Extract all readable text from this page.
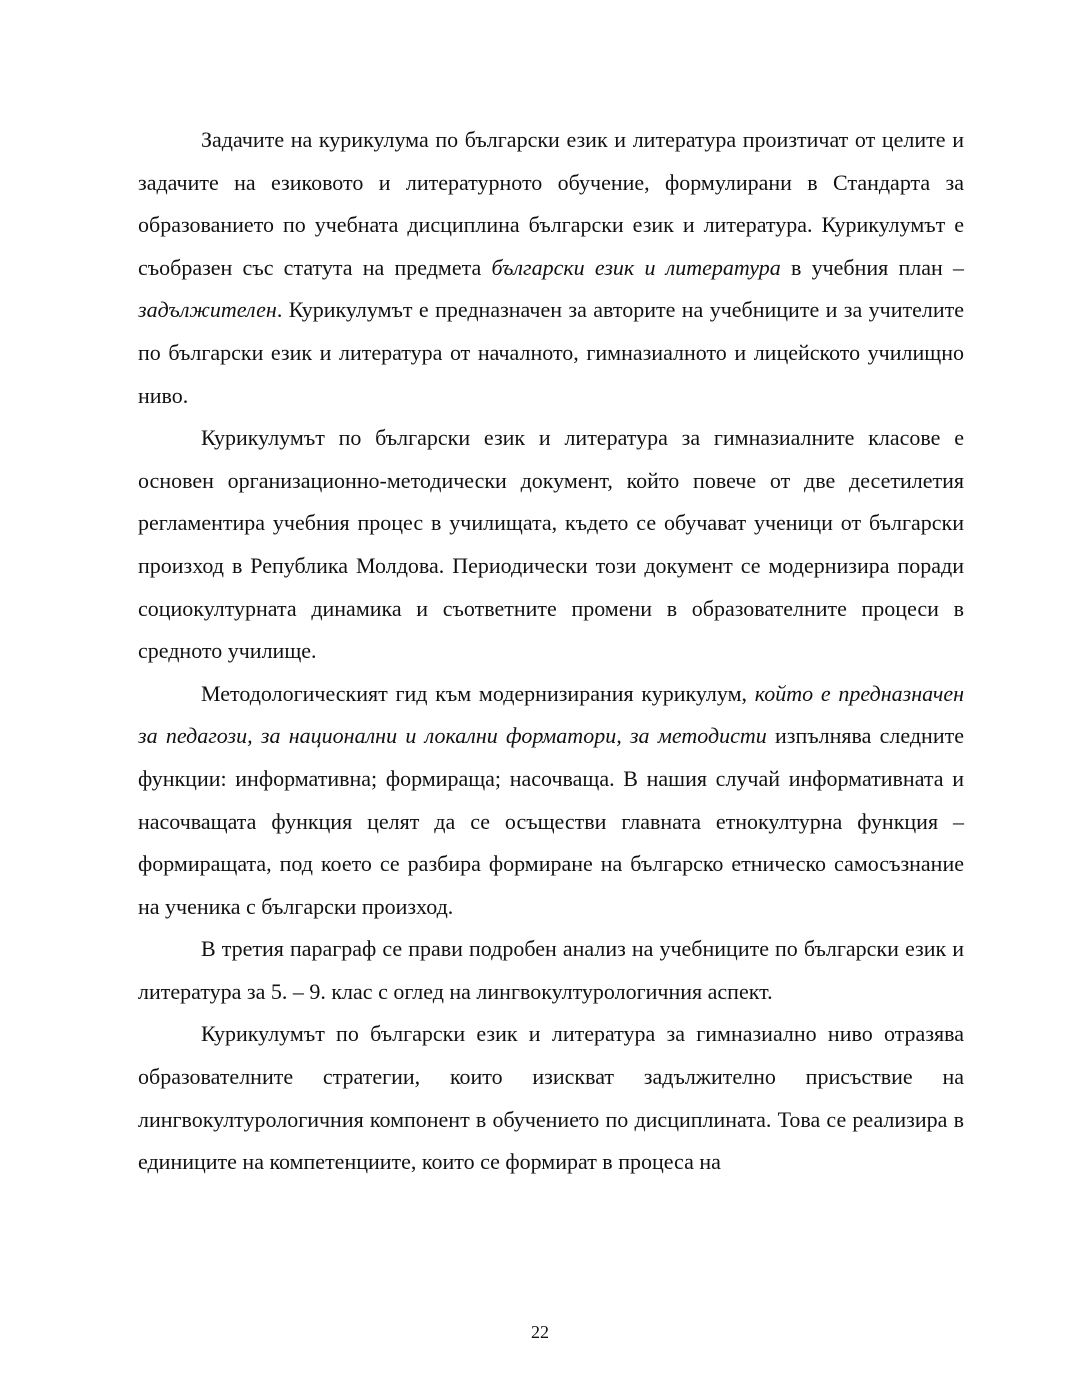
Задачите на курикулума по български език и литература произтичат от целите и задачите на езиковото и литературното обучение, формулирани в Стандарта за образованието по учебната дисциплина български език и литература. Курикулумът е съобразен със статута на предмета български език и литература в учебния план – задължителен. Курикулумът е предназначен за авторите на учебниците и за учителите по български език и литература от началното, гимназиалното и лицейското училищно ниво.

Курикулумът по български език и литература за гимназиалните класове е основен организационно-методически документ, който повече от две десетилетия регламентира учебния процес в училищата, където се обучават ученици от български произход в Република Молдова. Периодически този документ се модернизира поради социокултурната динамика и съответните промени в образователните процеси в средното училище.

Методологическият гид към модернизирания курикулум, който е предназначен за педагози, за национални и локални форматори, за методисти изпълнява следните функции: информативна; формираща; насочваща. В нашия случай информативната и насочващата функция целят да се осъществи главната етнокултурна функция – формиращата, под което се разбира формиране на българско етническо самосъзнание на ученика с български произход.

В третия параграф се прави подробен анализ на учебниците по български език и литература за 5. – 9. клас с оглед на лингвокултурологичния аспект.

Курикулумът по български език и литература за гимназиално ниво отразява образователните стратегии, които изискват задължително присъствие на лингвокултурологичния компонент в обучението по дисциплината. Това се реализира в единиците на компетенциите, които се формират в процеса на

22
